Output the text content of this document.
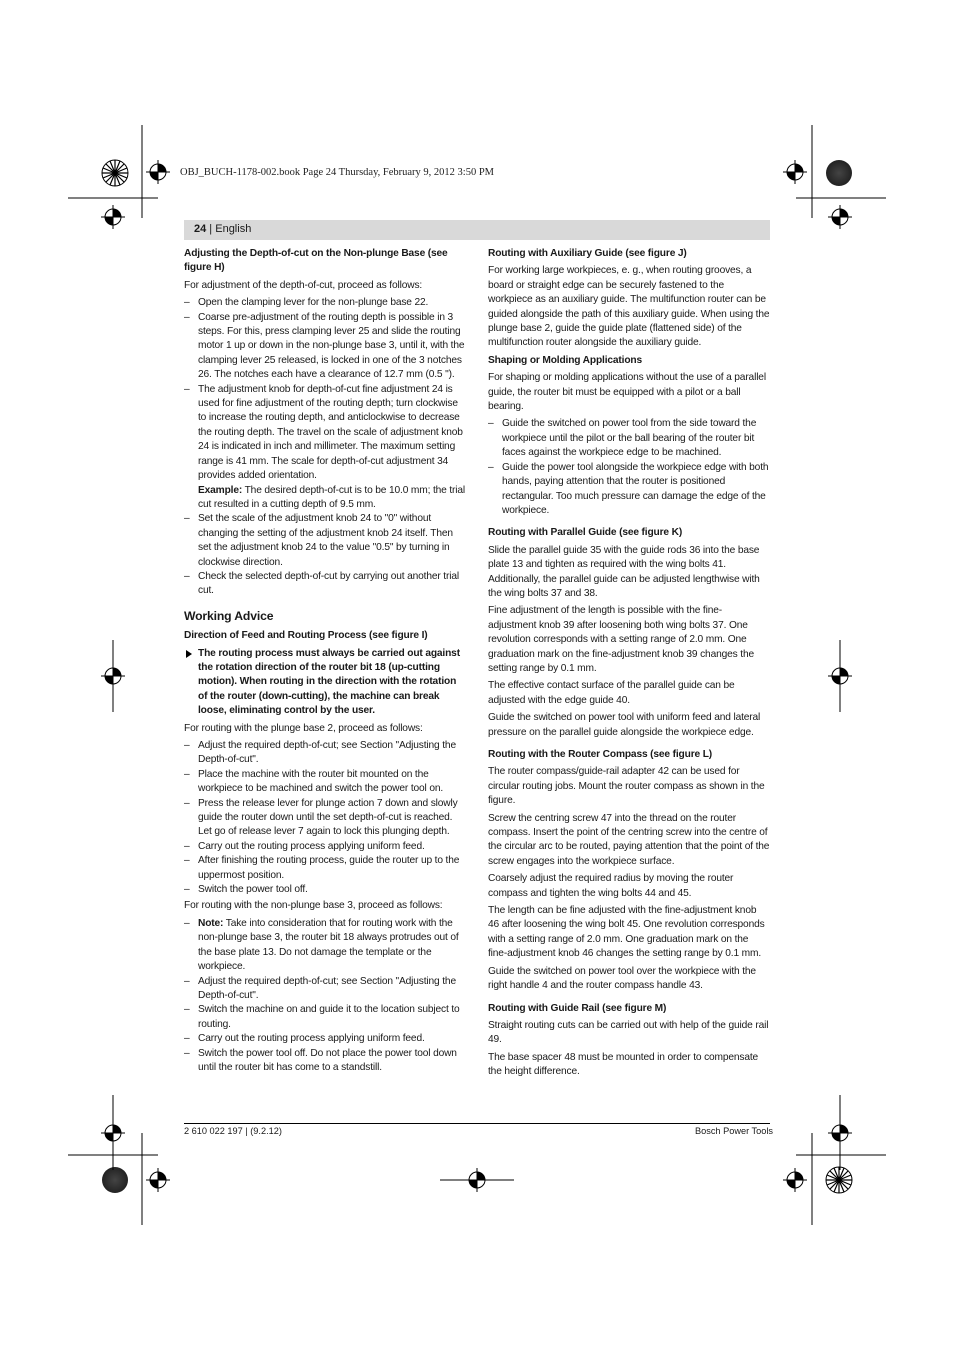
OBJ_BUCH-1178-002.book Page 24 Thursday, February 9, 2012 3:50 PM
24 | English
Adjusting the Depth-of-cut on the Non-plunge Base (see figure H)

For adjustment of the depth-of-cut, proceed as follows:

– Open the clamping lever for the non-plunge base 22.
– Coarse pre-adjustment of the routing depth is possible in 3 steps. For this, press clamping lever 25 and slide the routing motor 1 up or down in the non-plunge base 3, until it, with the clamping lever 25 released, is locked in one of the 3 notches 26. The notches each have a clearance of 12.7 mm (0.5 ").
– The adjustment knob for depth-of-cut fine adjustment 24 is used for fine adjustment of the routing depth; turn clockwise to increase the routing depth, and anticlockwise to decrease the routing depth. The travel on the scale of adjustment knob 24 is indicated in inch and millimeter. The maximum setting range is 41 mm. The scale for depth-of-cut adjustment 34 provides added orientation.
Example: The desired depth-of-cut is to be 10.0 mm; the trial cut resulted in a cutting depth of 9.5 mm.
– Set the scale of the adjustment knob 24 to "0" without changing the setting of the adjustment knob 24 itself. Then set the adjustment knob 24 to the value "0.5" by turning in clockwise direction.
– Check the selected depth-of-cut by carrying out another trial cut.
Working Advice
Direction of Feed and Routing Process (see figure I)
The routing process must always be carried out against the rotation direction of the router bit 18 (up-cutting motion). When routing in the direction with the rotation of the router (down-cutting), the machine can break loose, eliminating control by the user.

For routing with the plunge base 2, proceed as follows:

– Adjust the required depth-of-cut; see Section "Adjusting the Depth-of-cut".
– Place the machine with the router bit mounted on the workpiece to be machined and switch the power tool on.
– Press the release lever for plunge action 7 down and slowly guide the router down until the set depth-of-cut is reached. Let go of release lever 7 again to lock this plunging depth.
– Carry out the routing process applying uniform feed.
– After finishing the routing process, guide the router up to the uppermost position.
– Switch the power tool off.

For routing with the non-plunge base 3, proceed as follows:

– Note: Take into consideration that for routing work with the non-plunge base 3, the router bit 18 always protrudes out of the base plate 13. Do not damage the template or the workpiece.
– Adjust the required depth-of-cut; see Section "Adjusting the Depth-of-cut".
– Switch the machine on and guide it to the location subject to routing.
– Carry out the routing process applying uniform feed.
– Switch the power tool off. Do not place the power tool down until the router bit has come to a standstill.
Routing with Auxiliary Guide (see figure J)

For working large workpieces, e. g., when routing grooves, a board or straight edge can be securely fastened to the workpiece as an auxiliary guide. The multifunction router can be guided alongside the path of this auxiliary guide. When using the plunge base 2, guide the guide plate (flattened side) of the multifunction router alongside the auxiliary guide.

Shaping or Molding Applications

For shaping or molding applications without the use of a parallel guide, the router bit must be equipped with a pilot or a ball bearing.

– Guide the switched on power tool from the side toward the workpiece until the pilot or the ball bearing of the router bit faces against the workpiece edge to be machined.
– Guide the power tool alongside the workpiece edge with both hands, paying attention that the router is positioned rectangular. Too much pressure can damage the edge of the workpiece.
Routing with Parallel Guide (see figure K)

Slide the parallel guide 35 with the guide rods 36 into the base plate 13 and tighten as required with the wing bolts 41. Additionally, the parallel guide can be adjusted lengthwise with the wing bolts 37 and 38.

Fine adjustment of the length is possible with the fine-adjustment knob 39 after loosening both wing bolts 37. One revolution corresponds with a setting range of 2.0 mm. One graduation mark on the fine-adjustment knob 39 changes the setting range by 0.1 mm.

The effective contact surface of the parallel guide can be adjusted with the edge guide 40.

Guide the switched on power tool with uniform feed and lateral pressure on the parallel guide alongside the workpiece edge.

Routing with the Router Compass (see figure L)

The router compass/guide-rail adapter 42 can be used for circular routing jobs. Mount the router compass as shown in the figure.

Screw the centring screw 47 into the thread on the router compass. Insert the point of the centring screw into the centre of the circular arc to be routed, paying attention that the point of the screw engages into the workpiece surface.

Coarsely adjust the required radius by moving the router compass and tighten the wing bolts 44 and 45.

The length can be fine adjusted with the fine-adjustment knob 46 after loosening the wing bolt 45. One revolution corresponds with a setting range of 2.0 mm. One graduation mark on the fine-adjustment knob 46 changes the setting range by 0.1 mm.

Guide the switched on power tool over the workpiece with the right handle 4 and the router compass handle 43.

Routing with Guide Rail (see figure M)

Straight routing cuts can be carried out with help of the guide rail 49.

The base spacer 48 must be mounted in order to compensate the height difference.

2 610 022 197 | (9.2.12)	Bosch Power Tools
